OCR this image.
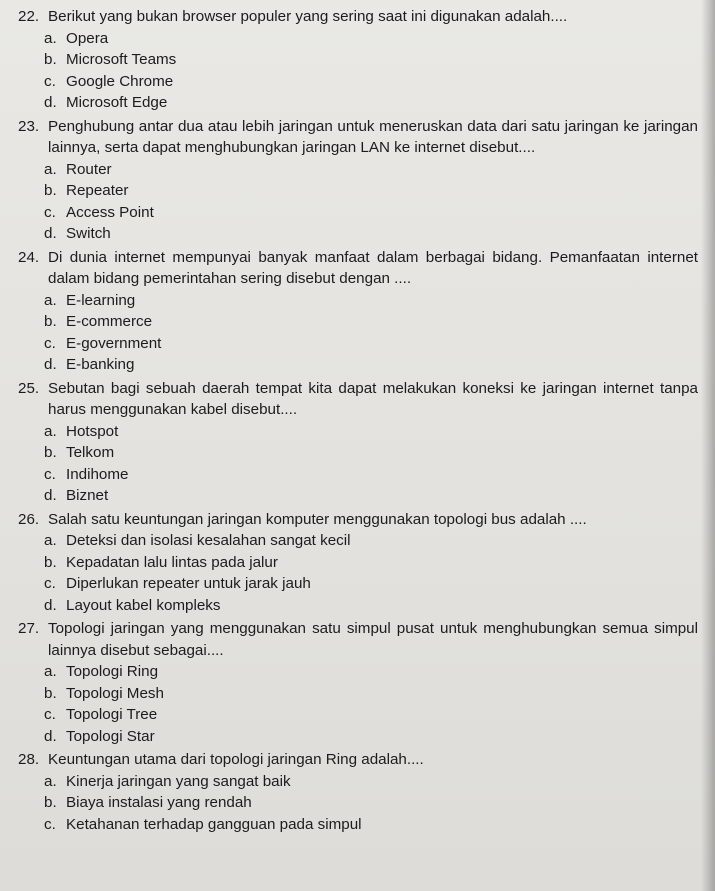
22. Berikut yang bukan browser populer yang sering saat ini digunakan adalah....
a. Opera
b. Microsoft Teams
c. Google Chrome
d. Microsoft Edge
23. Penghubung antar dua atau lebih jaringan untuk meneruskan data dari satu jaringan ke jaringan lainnya, serta dapat menghubungkan jaringan LAN ke internet disebut....
a. Router
b. Repeater
c. Access Point
d. Switch
24. Di dunia internet mempunyai banyak manfaat dalam berbagai bidang. Pemanfaatan internet dalam bidang pemerintahan sering disebut dengan ....
a. E-learning
b. E-commerce
c. E-government
d. E-banking
25. Sebutan bagi sebuah daerah tempat kita dapat melakukan koneksi ke jaringan internet tanpa harus menggunakan kabel disebut....
a. Hotspot
b. Telkom
c. Indihome
d. Biznet
26. Salah satu keuntungan jaringan komputer menggunakan topologi bus adalah ....
a. Deteksi dan isolasi kesalahan sangat kecil
b. Kepadatan lalu lintas pada jalur
c. Diperlukan repeater untuk jarak jauh
d. Layout kabel kompleks
27. Topologi jaringan yang menggunakan satu simpul pusat untuk menghubungkan semua simpul lainnya disebut sebagai....
a. Topologi Ring
b. Topologi Mesh
c. Topologi Tree
d. Topologi Star
28. Keuntungan utama dari topologi jaringan Ring adalah....
a. Kinerja jaringan yang sangat baik
b. Biaya instalasi yang rendah
c. Ketahanan terhadap gangguan pada simpul
